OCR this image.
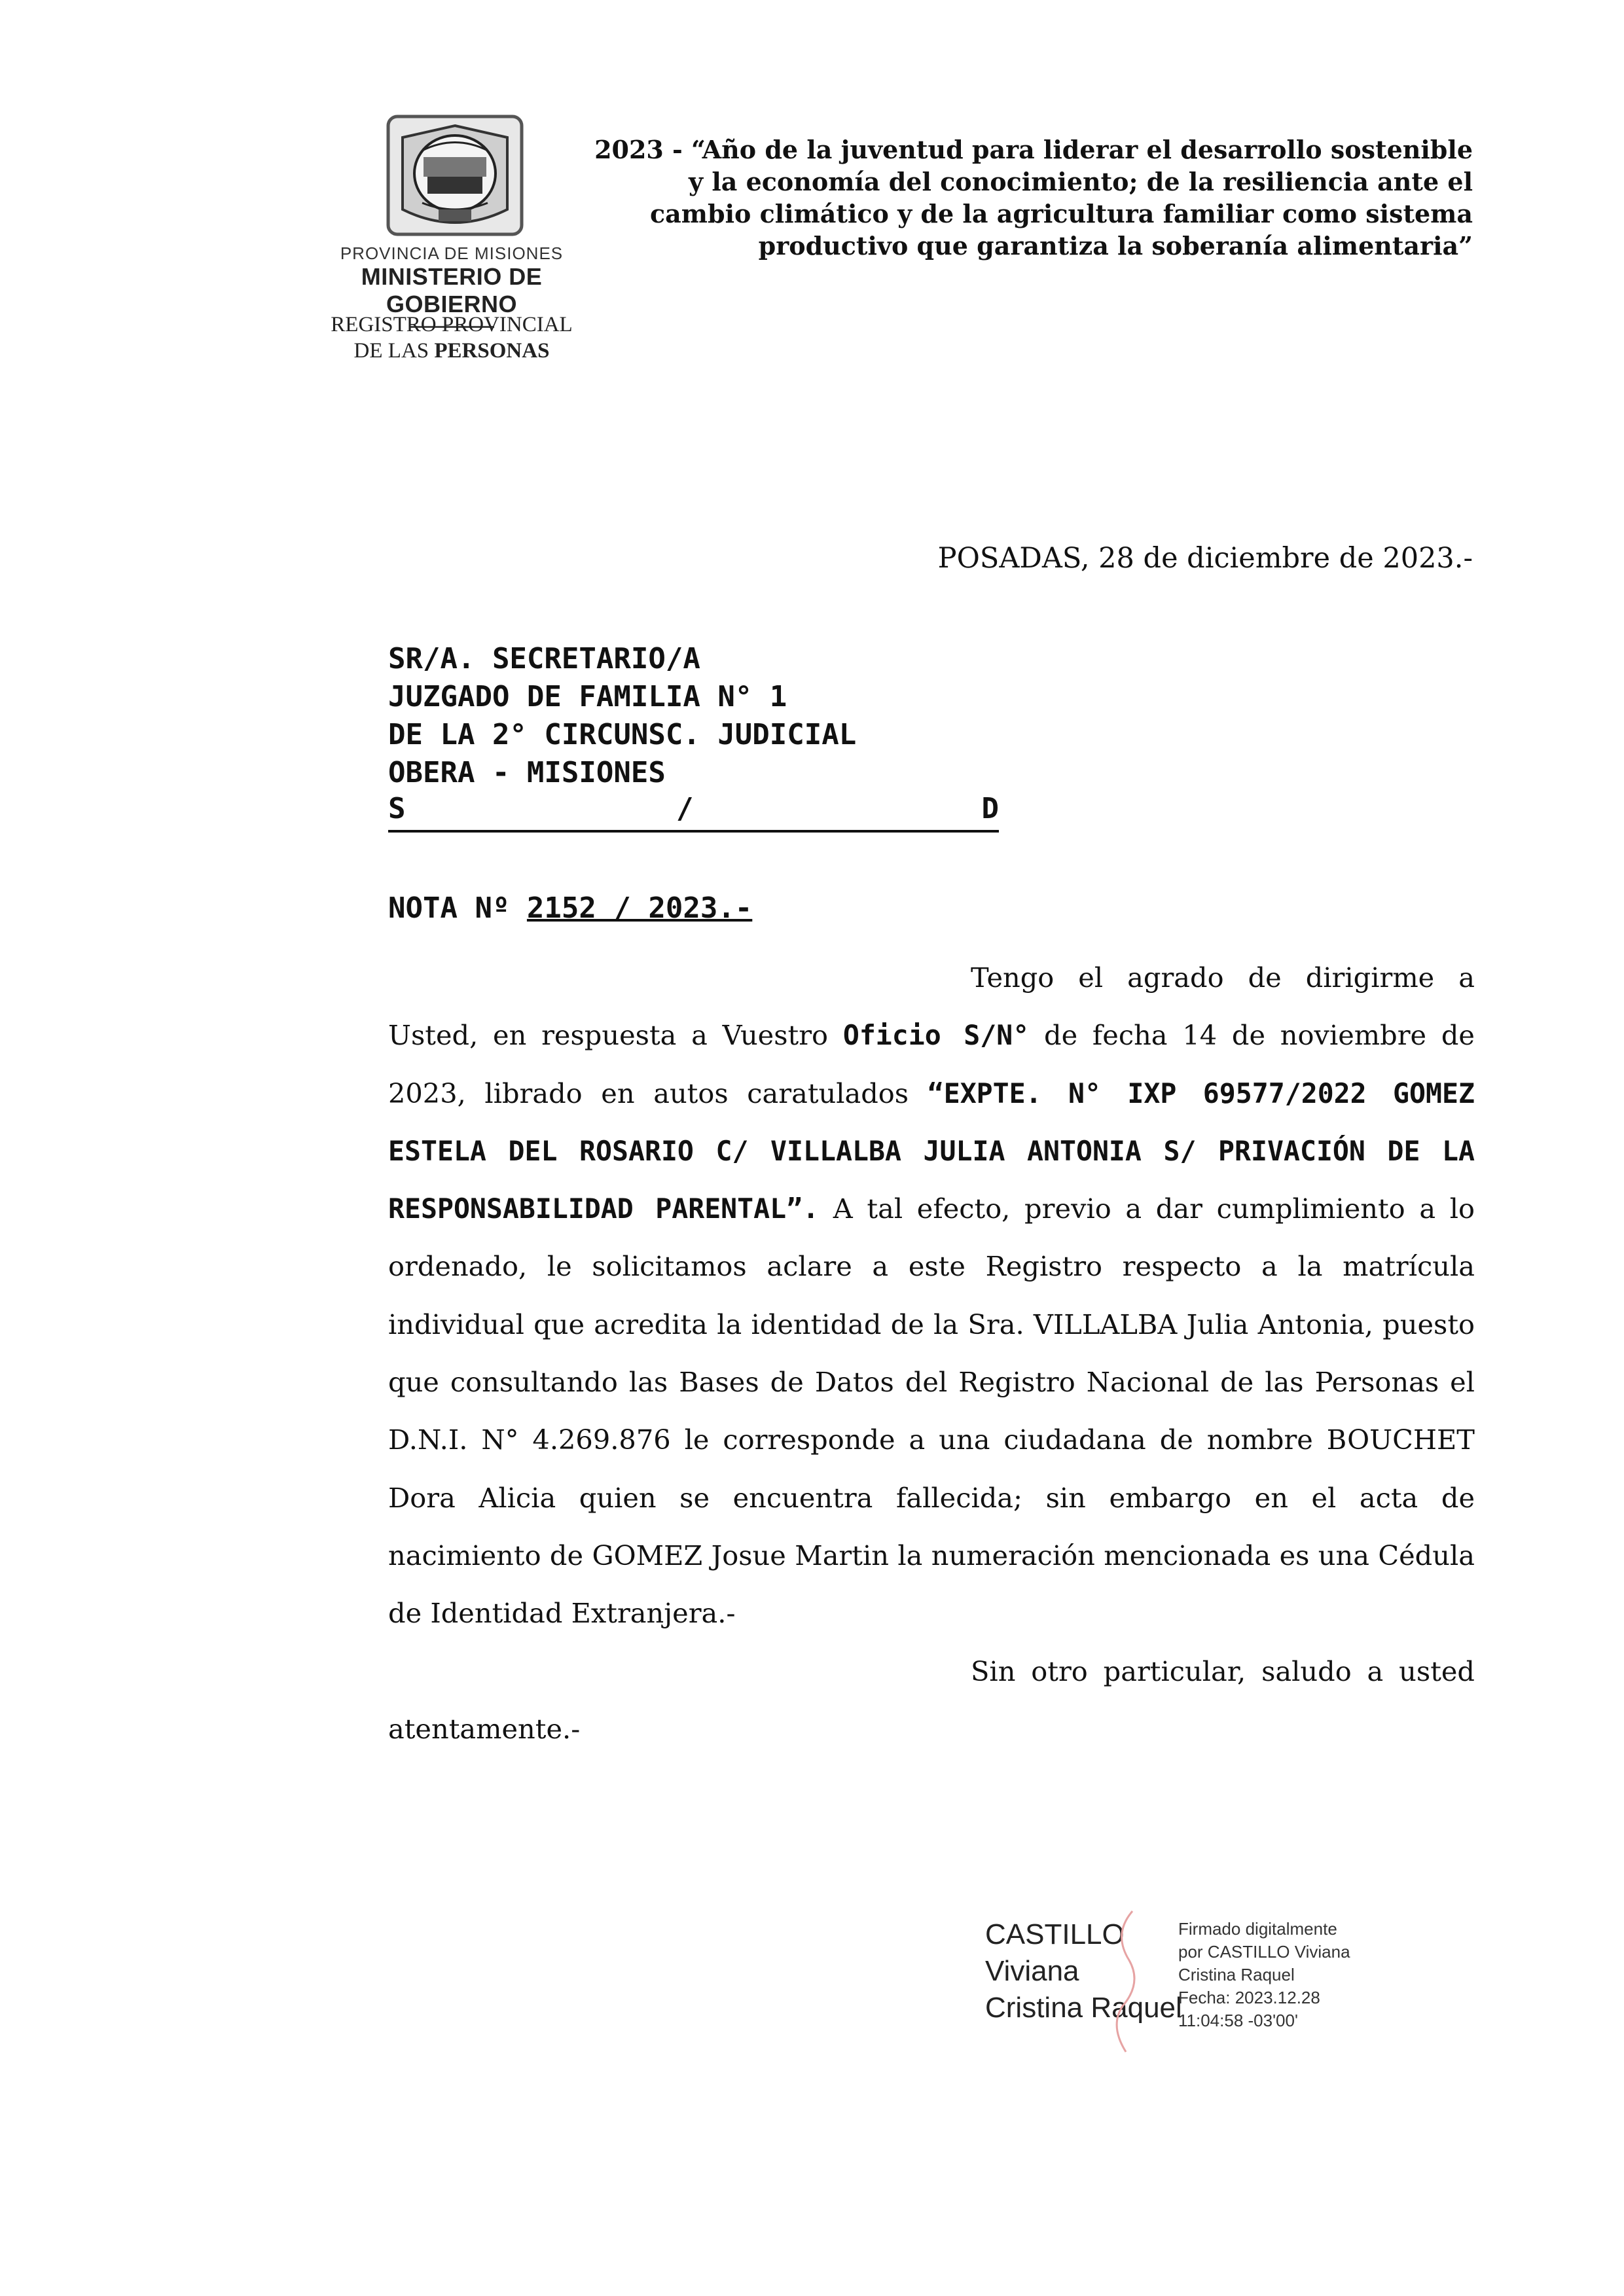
PROVINCIA DE MISIONES
MINISTERIO DE GOBIERNO
REGISTRO PROVINCIAL
DE LAS PERSONAS
2023 - “Año de la juventud para liderar el desarrollo sostenible
y la economía del conocimiento; de la resiliencia ante el
cambio climático y de la agricultura familiar como sistema
productivo que garantiza la soberanía alimentaria”
POSADAS, 28 de diciembre de 2023.-
SR/A. SECRETARIO/A
JUZGADO DE FAMILIA N° 1
DE LA 2° CIRCUNSC. JUDICIAL
OBERA - MISIONES
S	/	D
NOTA Nº 2152 / 2023.-

Tengo el agrado de dirigirme a Usted, en respuesta a Vuestro Oficio S/N° de fecha 14 de noviembre de 2023, librado en autos caratulados “EXPTE. N° IXP 69577/2022 GOMEZ ESTELA DEL ROSARIO C/ VILLALBA JULIA ANTONIA S/ PRIVACIÓN DE LA RESPONSABILIDAD PARENTAL”. A tal efecto, previo a dar cumplimiento a lo ordenado, le solicitamos aclare a este Registro respecto a la matrícula individual que acredita la identidad de la Sra. VILLALBA Julia Antonia, puesto que consultando las Bases de Datos del Registro Nacional de las Personas el D.N.I. N° 4.269.876 le corresponde a una ciudadana de nombre BOUCHET Dora Alicia quien se encuentra fallecida; sin embargo en el acta de nacimiento de GOMEZ Josue Martin la numeración mencionada es una Cédula de Identidad Extranjera.-

Sin otro particular, saludo a usted atentamente.-

CASTILLO
Viviana
Cristina Raquel
Firmado digitalmente
por CASTILLO Viviana
Cristina Raquel
Fecha: 2023.12.28
11:04:58 -03'00'
